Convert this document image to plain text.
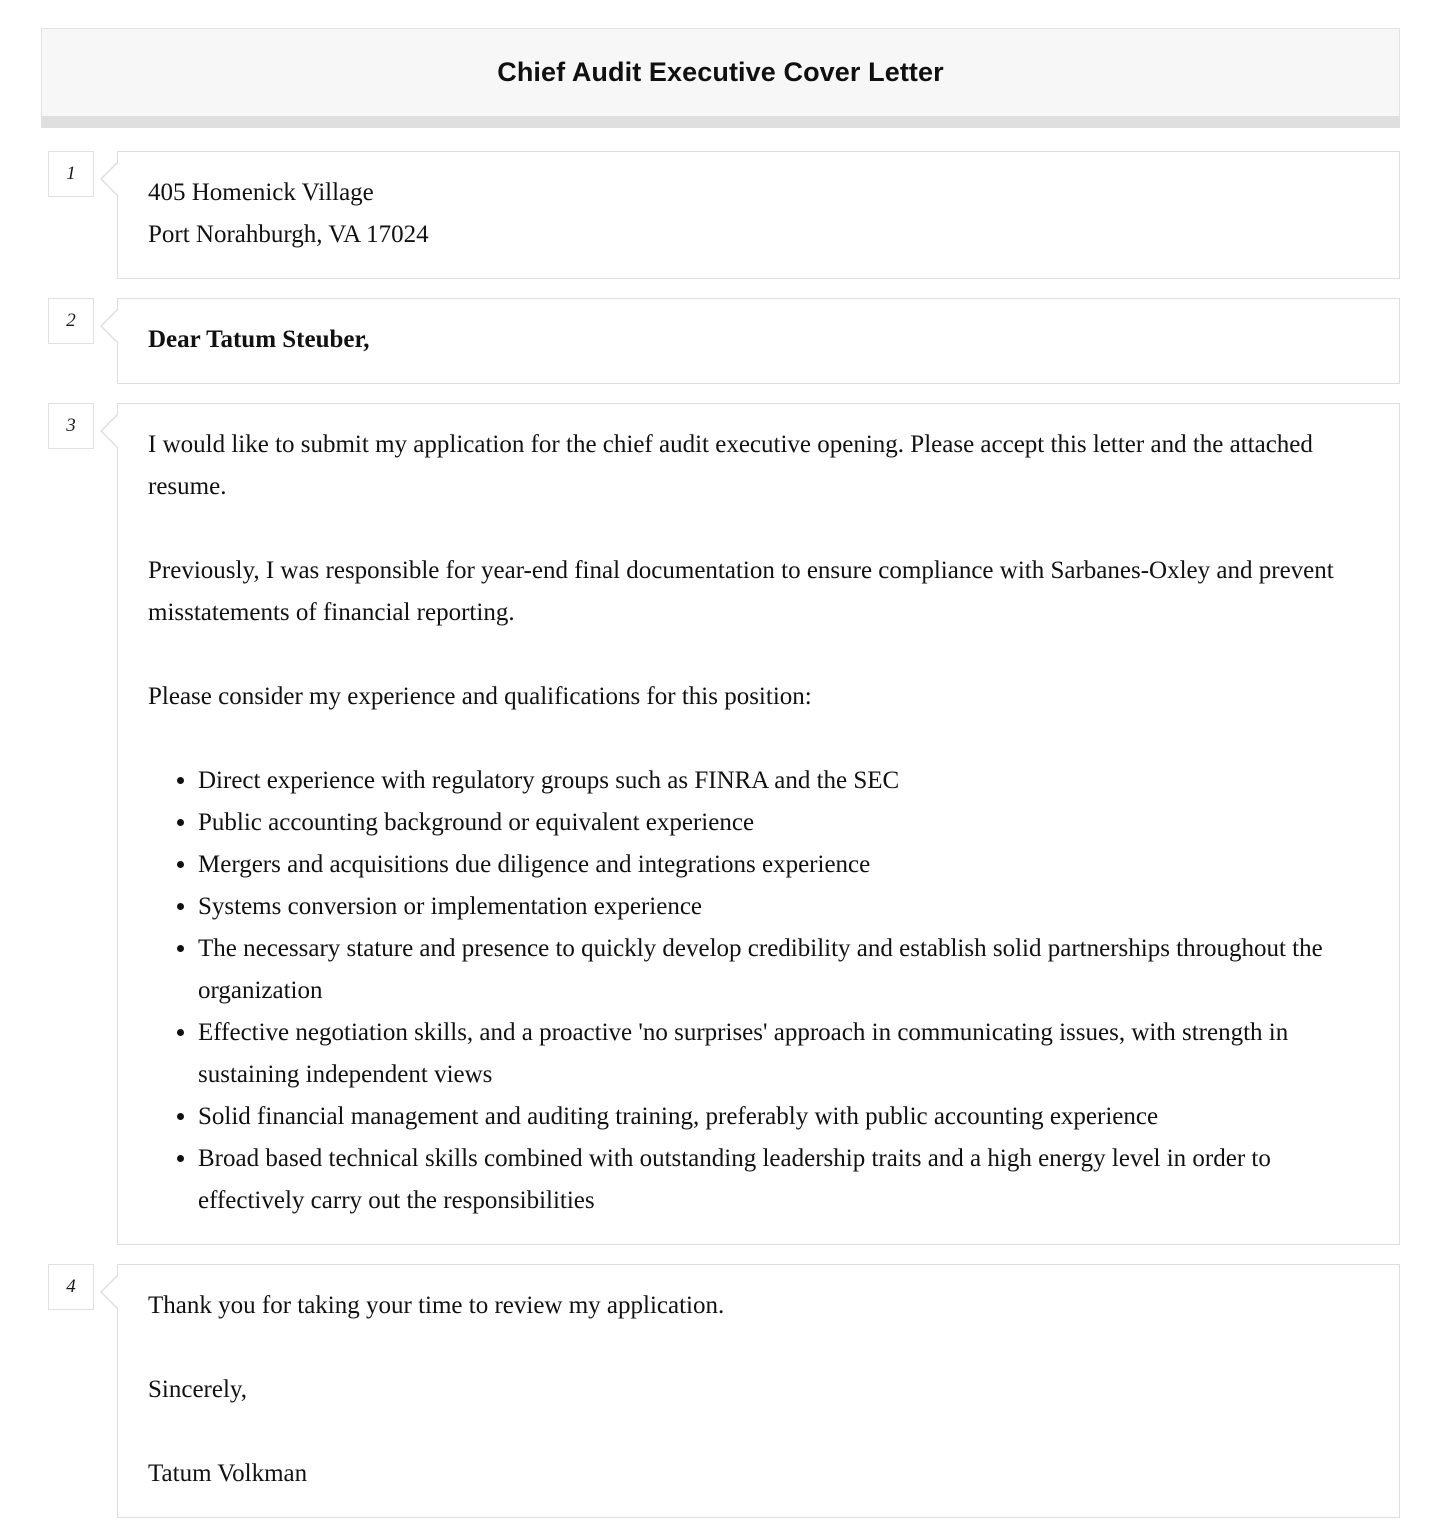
Chief Audit Executive Cover Letter
1
405 Homenick Village
Port Norahburgh, VA 17024
2
Dear Tatum Steuber,
3

I would like to submit my application for the chief audit executive opening. Please accept this letter and the attached resume.

Previously, I was responsible for year-end final documentation to ensure compliance with Sarbanes-Oxley and prevent misstatements of financial reporting.

Please consider my experience and qualifications for this position:

• Direct experience with regulatory groups such as FINRA and the SEC
• Public accounting background or equivalent experience
• Mergers and acquisitions due diligence and integrations experience
• Systems conversion or implementation experience
• The necessary stature and presence to quickly develop credibility and establish solid partnerships throughout the organization
• Effective negotiation skills, and a proactive 'no surprises' approach in communicating issues, with strength in sustaining independent views
• Solid financial management and auditing training, preferably with public accounting experience
• Broad based technical skills combined with outstanding leadership traits and a high energy level in order to effectively carry out the responsibilities
4

Thank you for taking your time to review my application.

Sincerely,

Tatum Volkman
